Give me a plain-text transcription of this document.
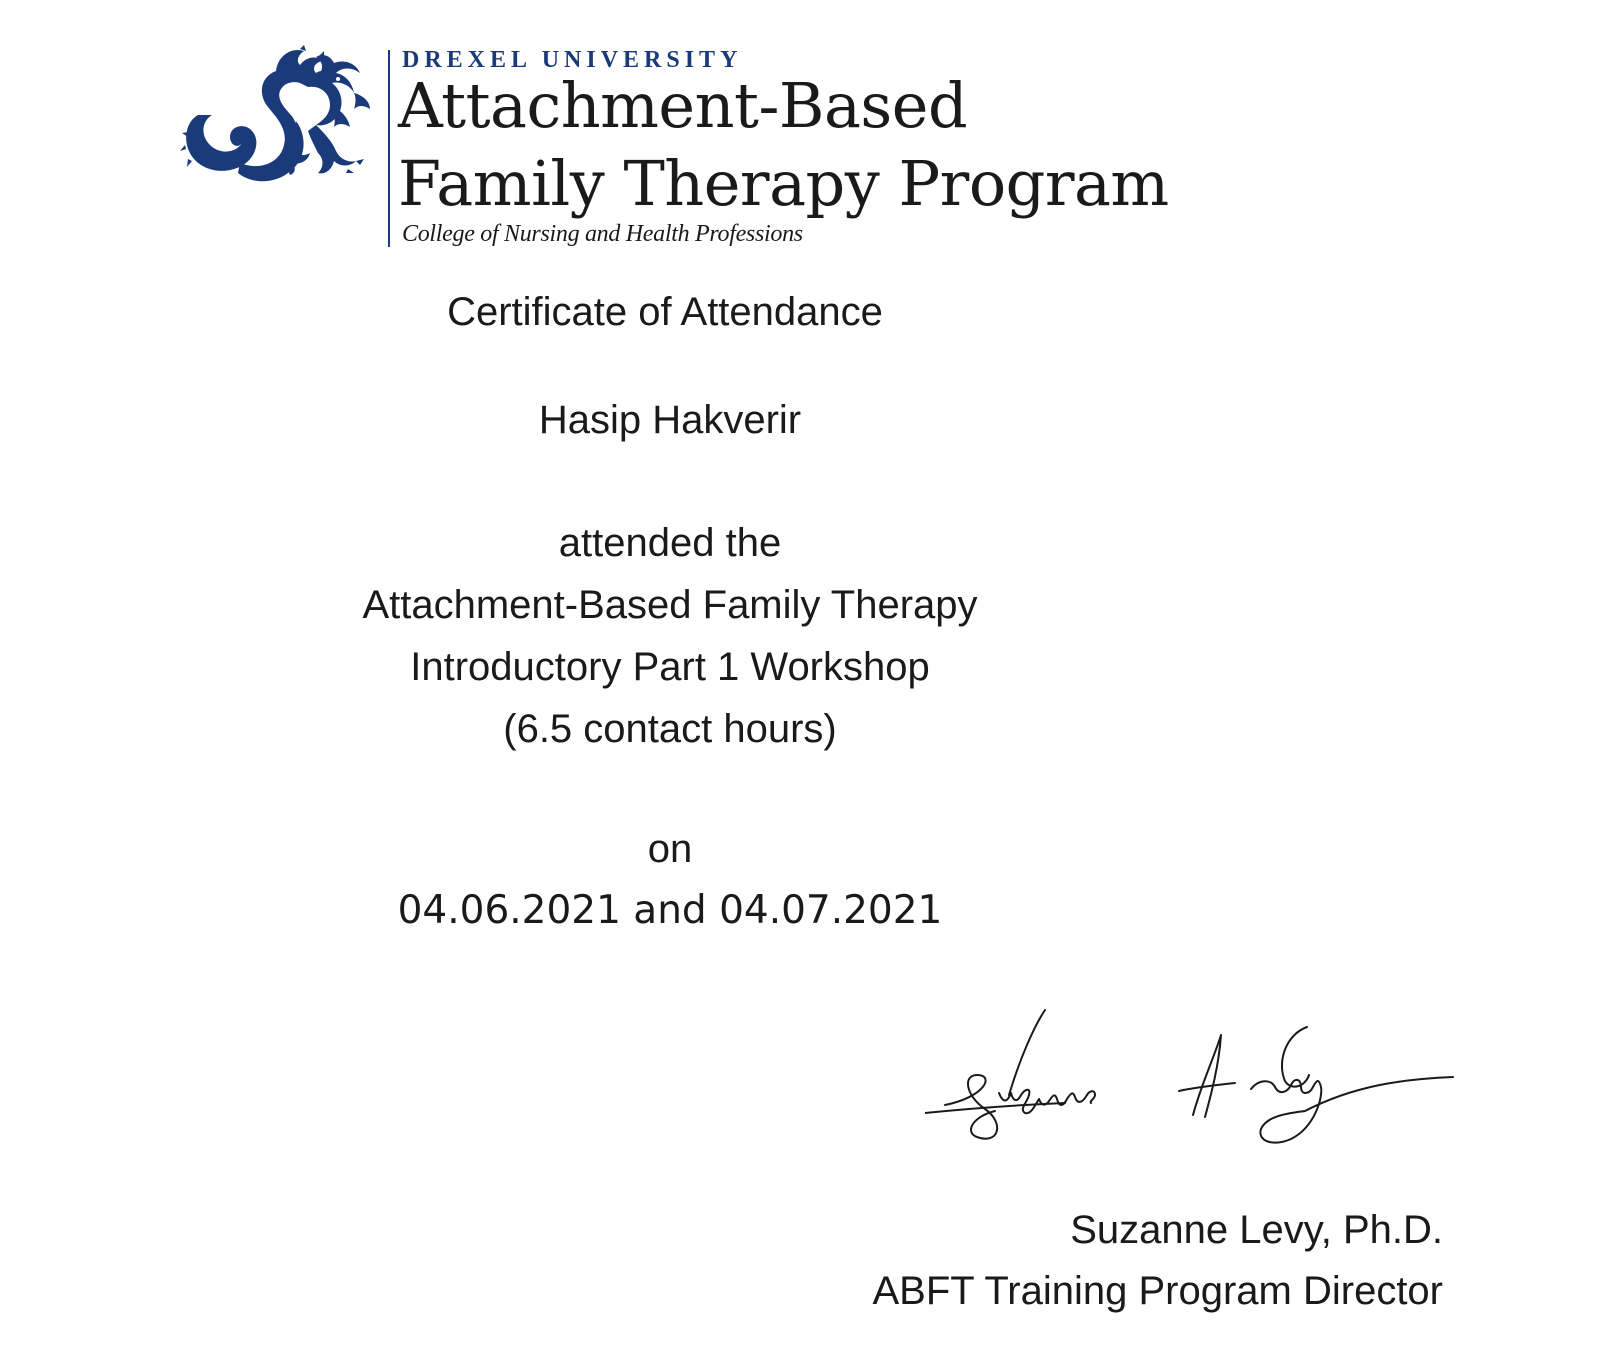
DREXEL UNIVERSITY
Attachment-Based
Family Therapy Program
College of Nursing and Health Professions
Certificate of Attendance
Hasip Hakverir
attended the
Attachment-Based Family Therapy
Introductory Part 1 Workshop
(6.5 contact hours)
on
04.06.2021 and 04.07.2021
Suzanne Levy, Ph.D.
ABFT Training Program Director
